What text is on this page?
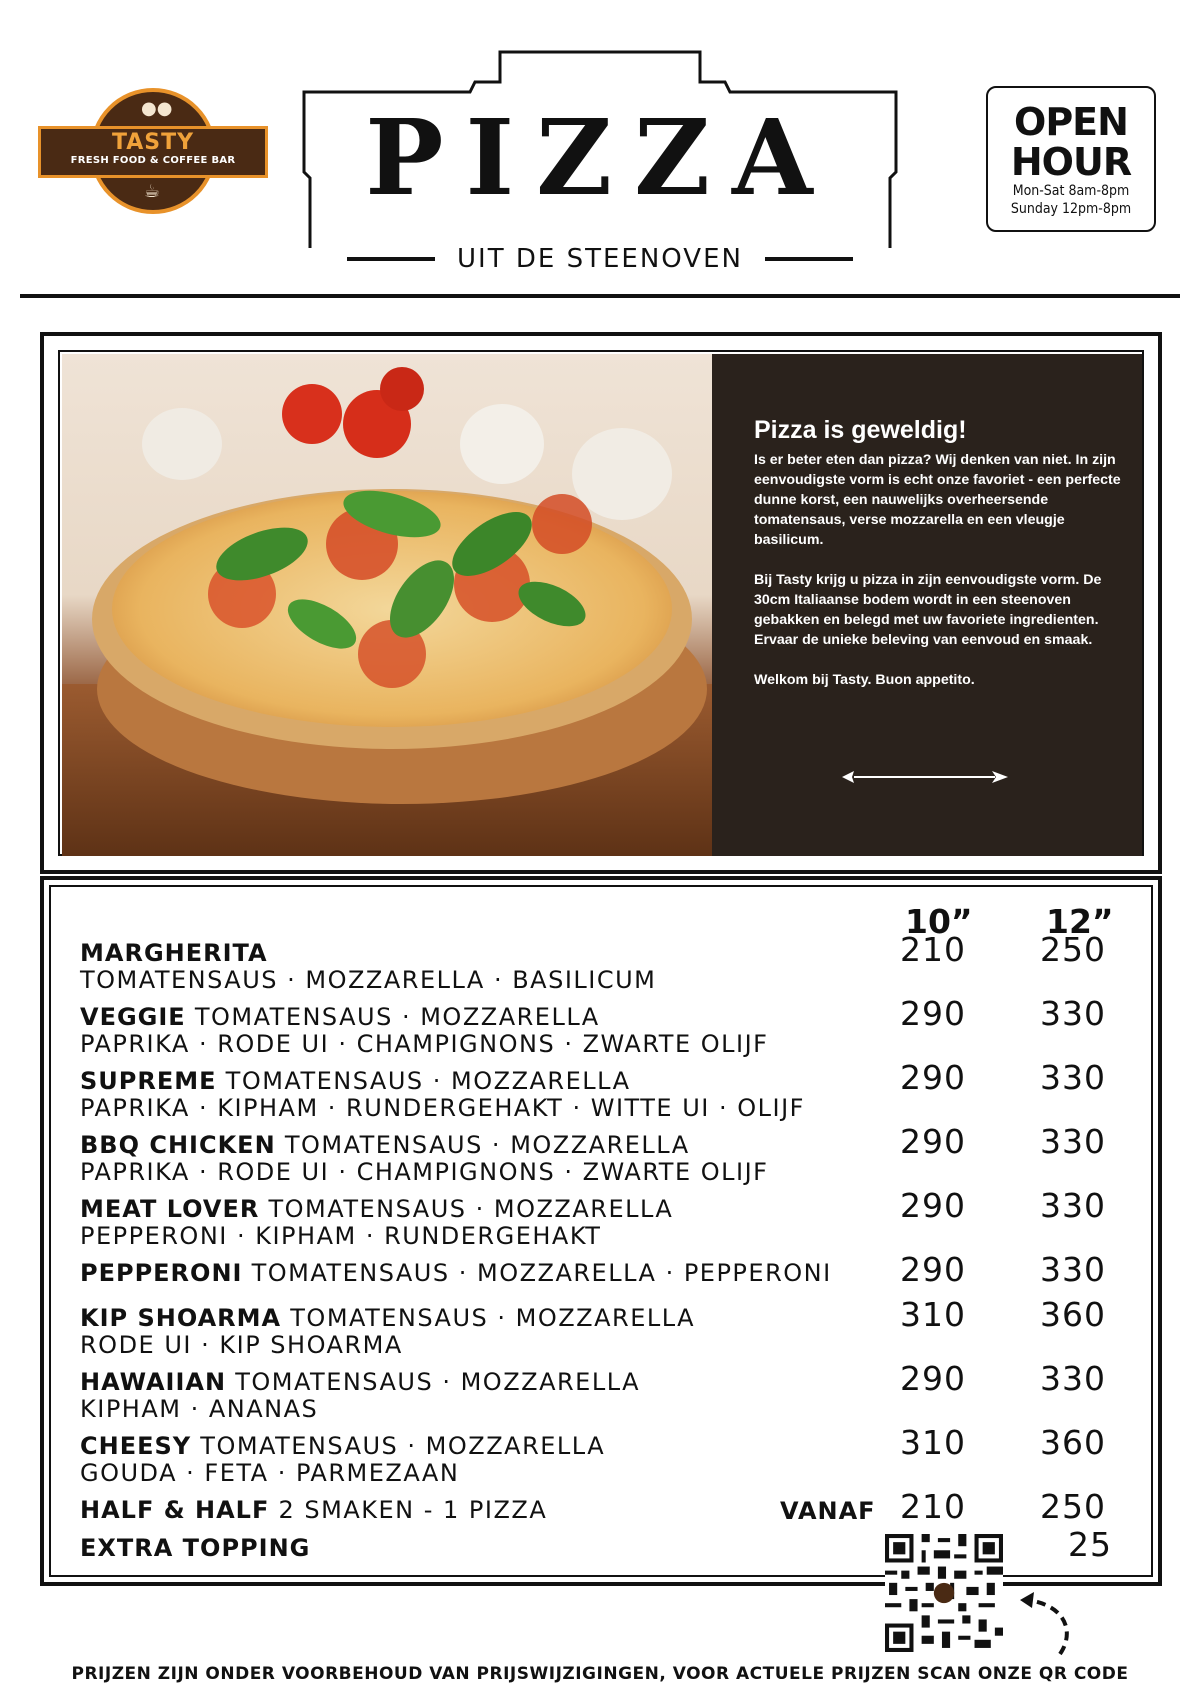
●●
TASTY
FRESH FOOD & COFFEE BAR
☕	PIZZA
UIT DE STEENOVEN
OPEN
HOUR
Mon-Sat 8am-8pm
Sunday 12pm-8pm
Pizza is geweldig!

Is er beter eten dan pizza? Wij denken van niet. In zijn eenvoudigste vorm is echt onze favoriet - een perfecte dunne korst, een nauwelijks overheersende tomatensaus, verse mozzarella en een vleugje basilicum.

Bij Tasty krijg u pizza in zijn eenvoudigste vorm. De 30cm Italiaanse bodem wordt in een steenoven gebakken en belegd met uw favoriete ingredienten. Ervaar de unieke beleving van eenvoud en smaak.

Welkom bij Tasty. Buon appetito.

10” 12”
MARGHERITA
TOMATENSAUS · MOZZARELLA · BASILICUM
210 250
VEGGIE TOMATENSAUS · MOZZARELLA
PAPRIKA · RODE UI · CHAMPIGNONS · ZWARTE OLIJF
290 330
SUPREME TOMATENSAUS · MOZZARELLA
PAPRIKA · KIPHAM · RUNDERGEHAKT · WITTE UI · OLIJF
290 330
BBQ CHICKEN TOMATENSAUS · MOZZARELLA
PAPRIKA · RODE UI · CHAMPIGNONS · ZWARTE OLIJF
290 330
MEAT LOVER TOMATENSAUS · MOZZARELLA
PEPPERONI · KIPHAM · RUNDERGEHAKT
290 330
PEPPERONI TOMATENSAUS · MOZZARELLA · PEPPERONI	290 330
KIP SHOARMA TOMATENSAUS · MOZZARELLA
RODE UI · KIP SHOARMA
310 360
HAWAIIAN TOMATENSAUS · MOZZARELLA
KIPHAM · ANANAS
290 330
CHEESY TOMATENSAUS · MOZZARELLA
GOUDA · FETA · PARMEZAAN
310 360
HALF & HALF 2 SMAKEN - 1 PIZZA	VANAF 210 250
EXTRA TOPPING	25
PRIJZEN ZIJN ONDER VOORBEHOUD VAN PRIJSWIJZIGINGEN, VOOR ACTUELE PRIJZEN SCAN ONZE QR CODE
